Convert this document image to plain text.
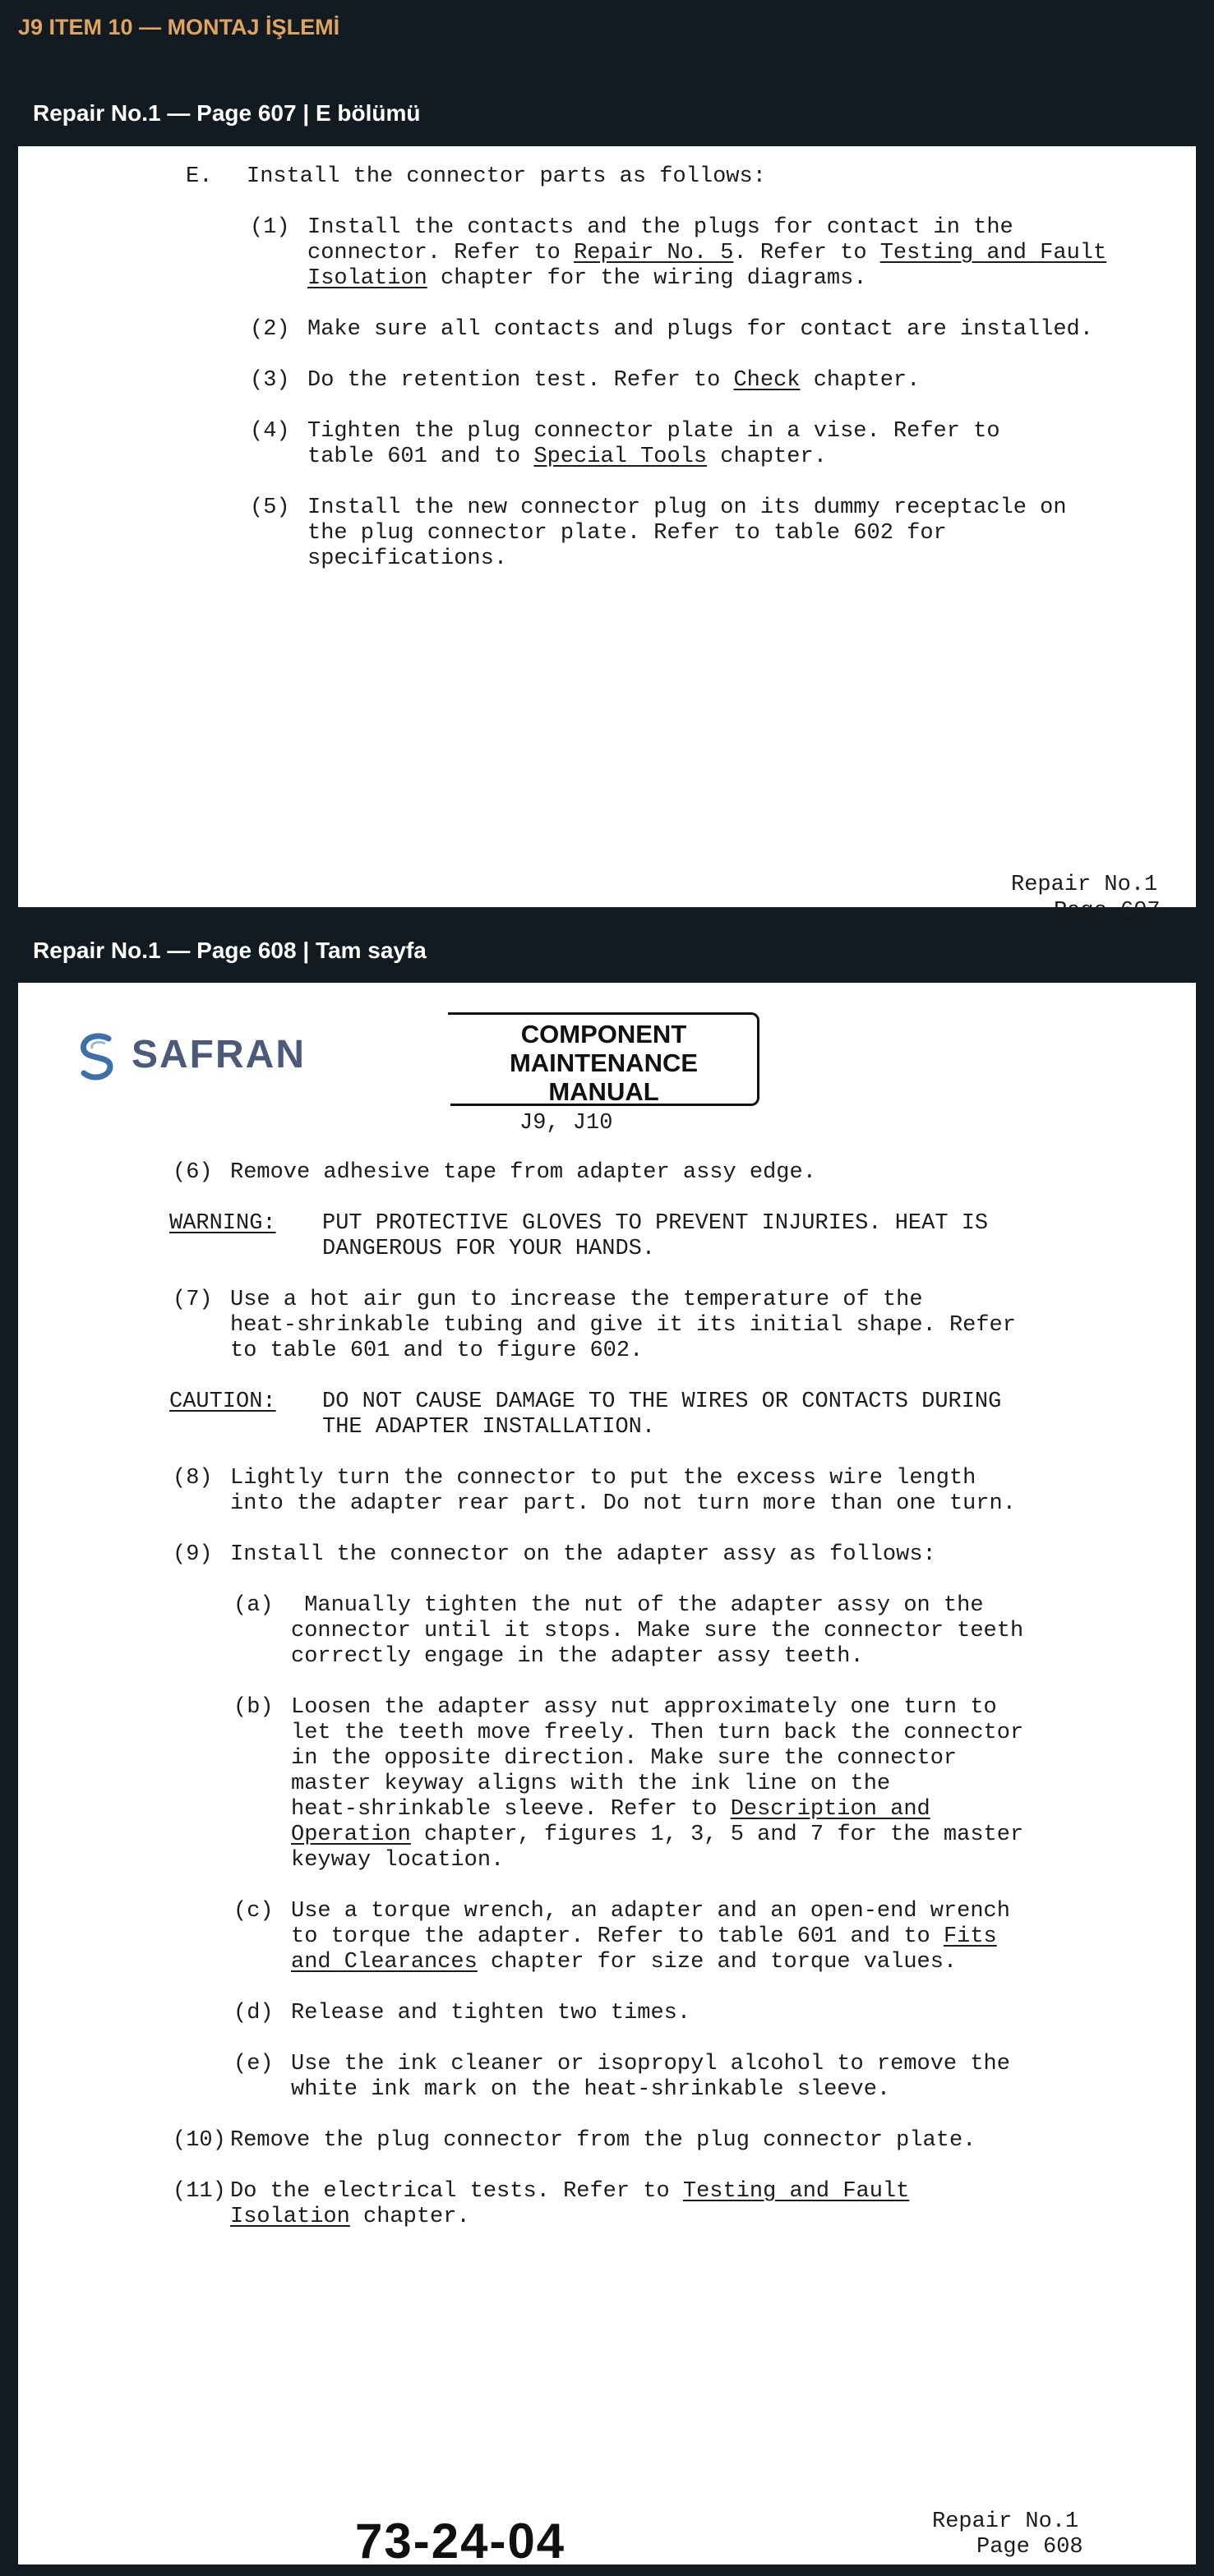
J9 ITEM 10 — MONTAJ İŞLEMİ
Repair No.1 — Page 607 | E bölümü
E. Install the connector parts as follows:
Repair No.1
Page 607
(1) Install the contacts and the plugs for contact in the
connector. Refer to Repair No. 5. Refer to Testing and Fault
Isolation chapter for the wiring diagrams.
(2) Make sure all contacts and plugs for contact are installed.
(3) Do the retention test. Refer to Check chapter.
(4) Tighten the plug connector plate in a vise. Refer to
table 601 and to Special Tools chapter.
(5) Install the new connector plug on its dummy receptacle on
the plug connector plate. Refer to table 602 for
specifications.
Repair No.1 — Page 608 | Tam sayfa
SAFRAN	COMPONENT
MAINTENANCE
MANUAL
J9, J10
73-24-04	Repair No.1
Page 608
(6) Remove adhesive tape from adapter assy edge.
WARNING: PUT PROTECTIVE GLOVES TO PREVENT INJURIES. HEAT IS
DANGEROUS FOR YOUR HANDS.
(7) Use a hot air gun to increase the temperature of the
heat-shrinkable tubing and give it its initial shape. Refer
to table 601 and to figure 602.
CAUTION: DO NOT CAUSE DAMAGE TO THE WIRES OR CONTACTS DURING
THE ADAPTER INSTALLATION.
(8) Lightly turn the connector to put the excess wire length
into the adapter rear part. Do not turn more than one turn.
(9) Install the connector on the adapter assy as follows:
(a) Manually tighten the nut of the adapter assy on the
connector until it stops. Make sure the connector teeth
correctly engage in the adapter assy teeth.
(b) Loosen the adapter assy nut approximately one turn to
let the teeth move freely. Then turn back the connector
in the opposite direction. Make sure the connector
master keyway aligns with the ink line on the
heat-shrinkable sleeve. Refer to Description and
Operation chapter, figures 1, 3, 5 and 7 for the master
keyway location.
(c) Use a torque wrench, an adapter and an open-end wrench
to torque the adapter. Refer to table 601 and to Fits
and Clearances chapter for size and torque values.
(d) Release and tighten two times.
(e) Use the ink cleaner or isopropyl alcohol to remove the
white ink mark on the heat-shrinkable sleeve.
(10) Remove the plug connector from the plug connector plate.
(11) Do the electrical tests. Refer to Testing and Fault
Isolation chapter.
